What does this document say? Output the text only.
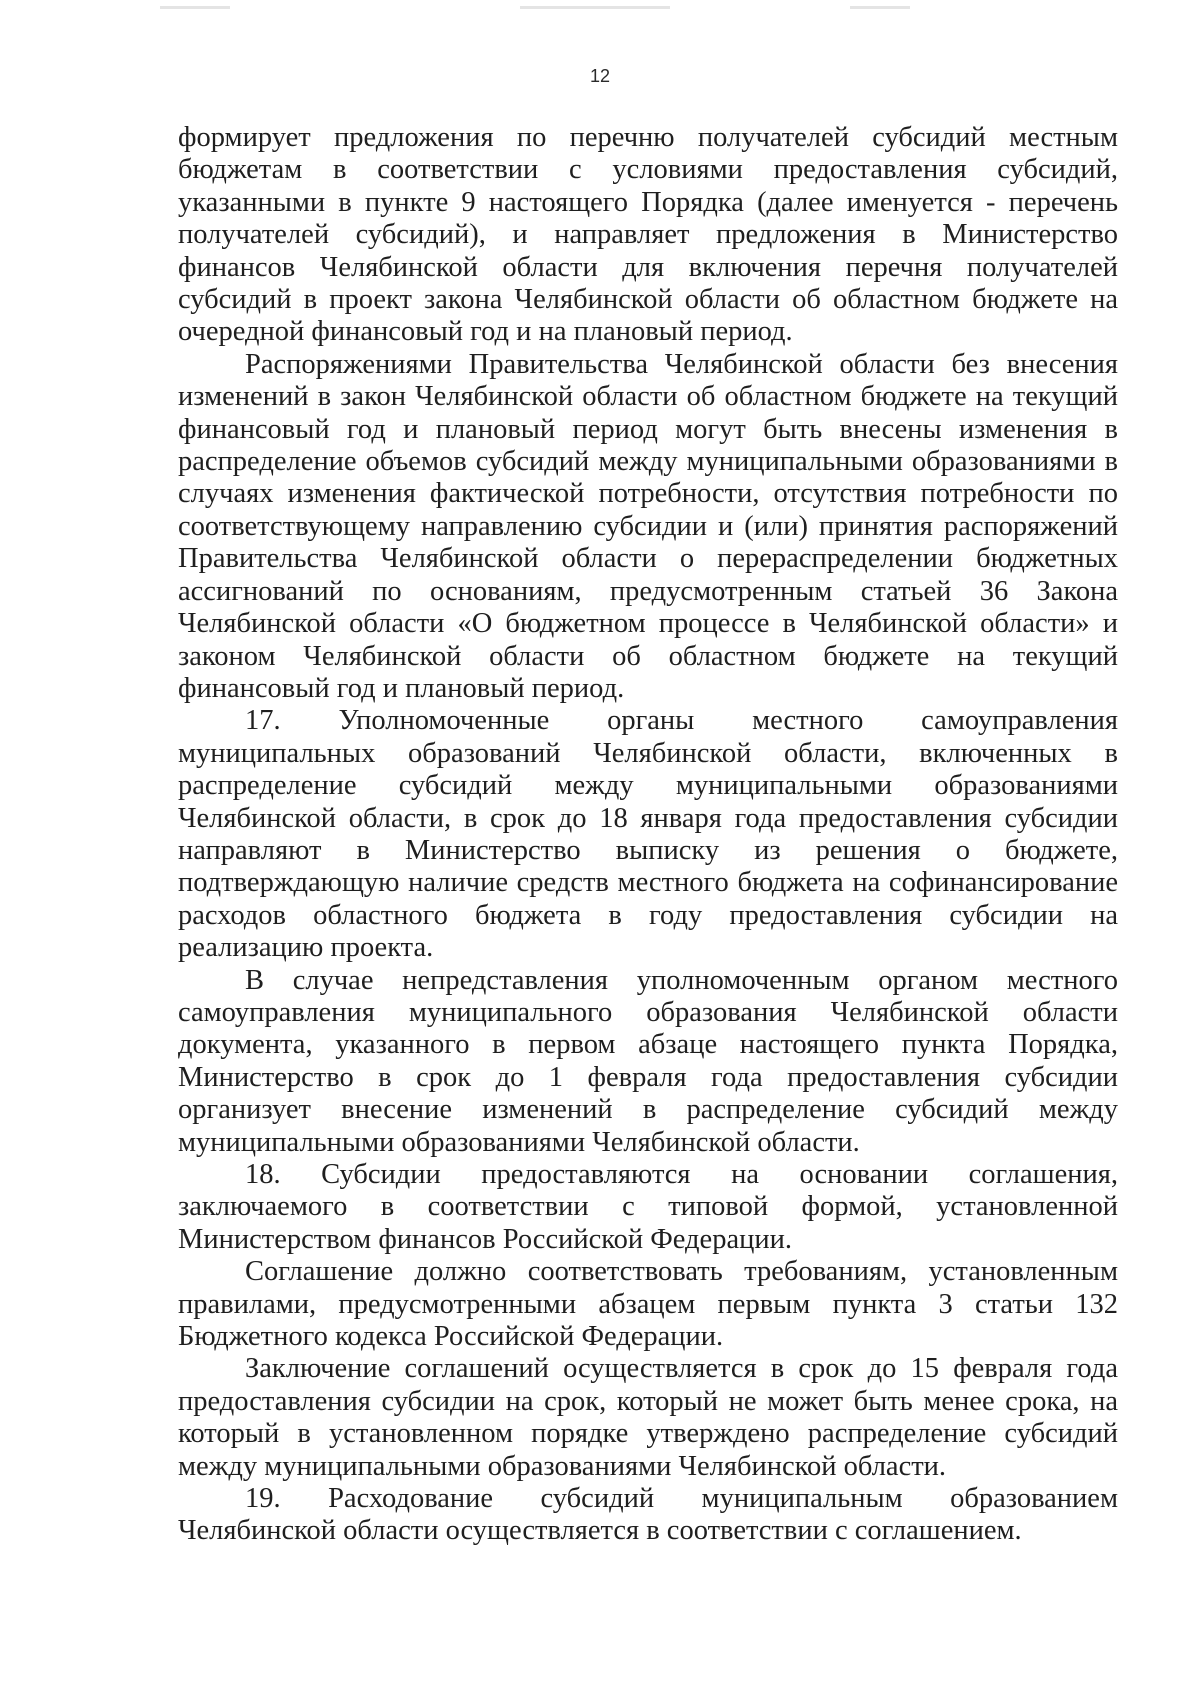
12

формирует предложения по перечню получателей субсидий местным бюджетам в соответствии с условиями предоставления субсидий, указанными в пункте 9 настоящего Порядка (далее именуется - перечень получателей субсидий), и направляет предложения в Министерство финансов Челябинской области для включения перечня получателей субсидий в проект закона Челябинской области об областном бюджете на очередной финансовый год и на плановый период.

Распоряжениями Правительства Челябинской области без внесения изменений в закон Челябинской области об областном бюджете на текущий финансовый год и плановый период могут быть внесены изменения в распределение объемов субсидий между муниципальными образованиями в случаях изменения фактической потребности, отсутствия потребности по соответствующему направлению субсидии и (или) принятия распоряжений Правительства Челябинской области о перераспределении бюджетных ассигнований по основаниям, предусмотренным статьей 36 Закона Челябинской области «О бюджетном процессе в Челябинской области» и законом Челябинской области об областном бюджете на текущий финансовый год и плановый период.

17. Уполномоченные органы местного самоуправления муниципальных образований Челябинской области, включенных в распределение субсидий между муниципальными образованиями Челябинской области, в срок до 18 января года предоставления субсидии направляют в Министерство выписку из решения о бюджете, подтверждающую наличие средств местного бюджета на софинансирование расходов областного бюджета в году предоставления субсидии на реализацию проекта.

В случае непредставления уполномоченным органом местного самоуправления муниципального образования Челябинской области документа, указанного в первом абзаце настоящего пункта Порядка, Министерство в срок до 1 февраля года предоставления субсидии организует внесение изменений в распределение субсидий между муниципальными образованиями Челябинской области.

18. Субсидии предоставляются на основании соглашения, заключаемого в соответствии с типовой формой, установленной Министерством финансов Российской Федерации.

Соглашение должно соответствовать требованиям, установленным правилами, предусмотренными абзацем первым пункта 3 статьи 132 Бюджетного кодекса Российской Федерации.

Заключение соглашений осуществляется в срок до 15 февраля года предоставления субсидии на срок, который не может быть менее срока, на который в установленном порядке утверждено распределение субсидий между муниципальными образованиями Челябинской области.

19. Расходование субсидий муниципальным образованием Челябинской области осуществляется в соответствии с соглашением.
